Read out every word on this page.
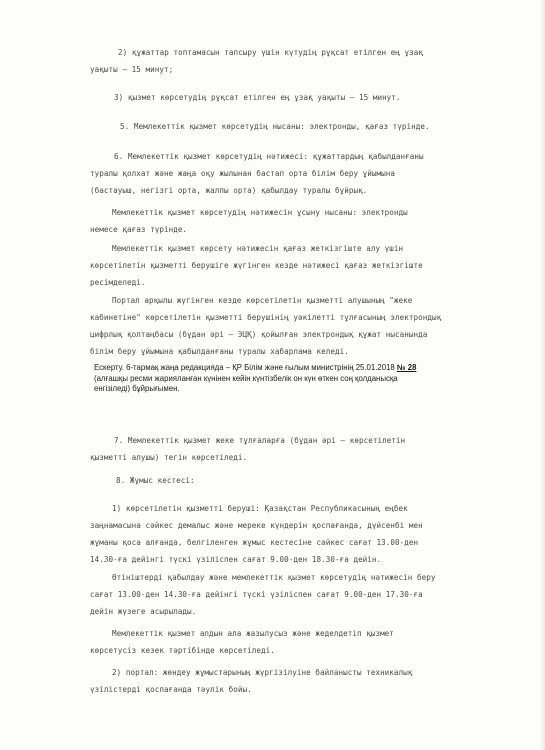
2) құжаттар топтамасын тапсыру үшін күтудің рұқсат етілген ең ұзақ
уақыты – 15 минут;

3) қызмет көрсетудің рұқсат етілген ең ұзақ уақыты – 15 минут.

5. Мемлекеттік қызмет көрсетудің нысаны: электронды, қағаз түрінде.

6. Мемлекеттік қызмет көрсетудің нәтижесі: құжаттардың қабылданғаны
туралы қолхат және жаңа оқу жылынан бастап орта білім беру ұйымына
(бастауыш, негізгі орта, жалпы орта) қабылдау туралы бұйрық.

Мемлекеттік қызмет көрсетудің нәтижесін ұсыну нысаны: электронды
немесе қағаз түрінде.

Мемлекеттік қызмет көрсету нәтижесін қағаз жеткізгіште алу үшін
көрсетілетін қызметті берушіге жүгінген кезде нәтижесі қағаз жеткізгіште
ресімделеді.

Портал арқылы жүгінген кезде көрсетілетін қызметті алушының "жеке
кабинетіне" көрсетілетін қызметті берушінің уәкілетті тұлғасының электрондық
цифрлық қолтаңбасы (бұдан әрі – ЭЦҚ) қойылған электрондық құжат нысанында
білім беру ұйымына қабылданғаны туралы хабарлама келеді.

Ескерту. 6-тармақ жаңа редакцияда – ҚР Білім және ғылым министрінің 25.01.2018 № 28 (алғашқы ресми жарияланған күнінен кейін күнтізбелік он күн өткен соң қолданысқа енгізіледі) бұйрығымен.

7. Мемлекеттік қызмет жеке тұлғаларға (бұдан әрі – көрсетілетін
қызметті алушы) тегін көрсетіледі.

8. Жұмыс кестесі:

1) көрсетілетін қызметті беруші: Қазақстан Республикасының еңбек
заңнамасына сәйкес демалыс және мереке күндерін қоспағанда, дүйсенбі мен
жұманы қоса алғанда, белгіленген жұмыс кестесіне сәйкес сағат 13.00-ден
14.30-ға дейінгі түскі үзіліспен сағат 9.00-ден 18.30-ға дейін.

Өтініштерді қабылдау және мемлекеттік қызмет көрсетудің нәтижесін беру
сағат 13.00-ден 14.30-ға дейінгі түскі үзіліспен сағат 9.00-ден 17.30-ға
дейін жүзеге асырылады.

Мемлекеттік қызмет алдын ала жазылусыз және жеделдетіп қызмет
көрсетусіз кезек тәртібінде көрсетіледі.

2) портал: жөндеу жұмыстарының жүргізілуіне байланысты техникалық
үзілістерді қоспағанда тәулік бойы.
